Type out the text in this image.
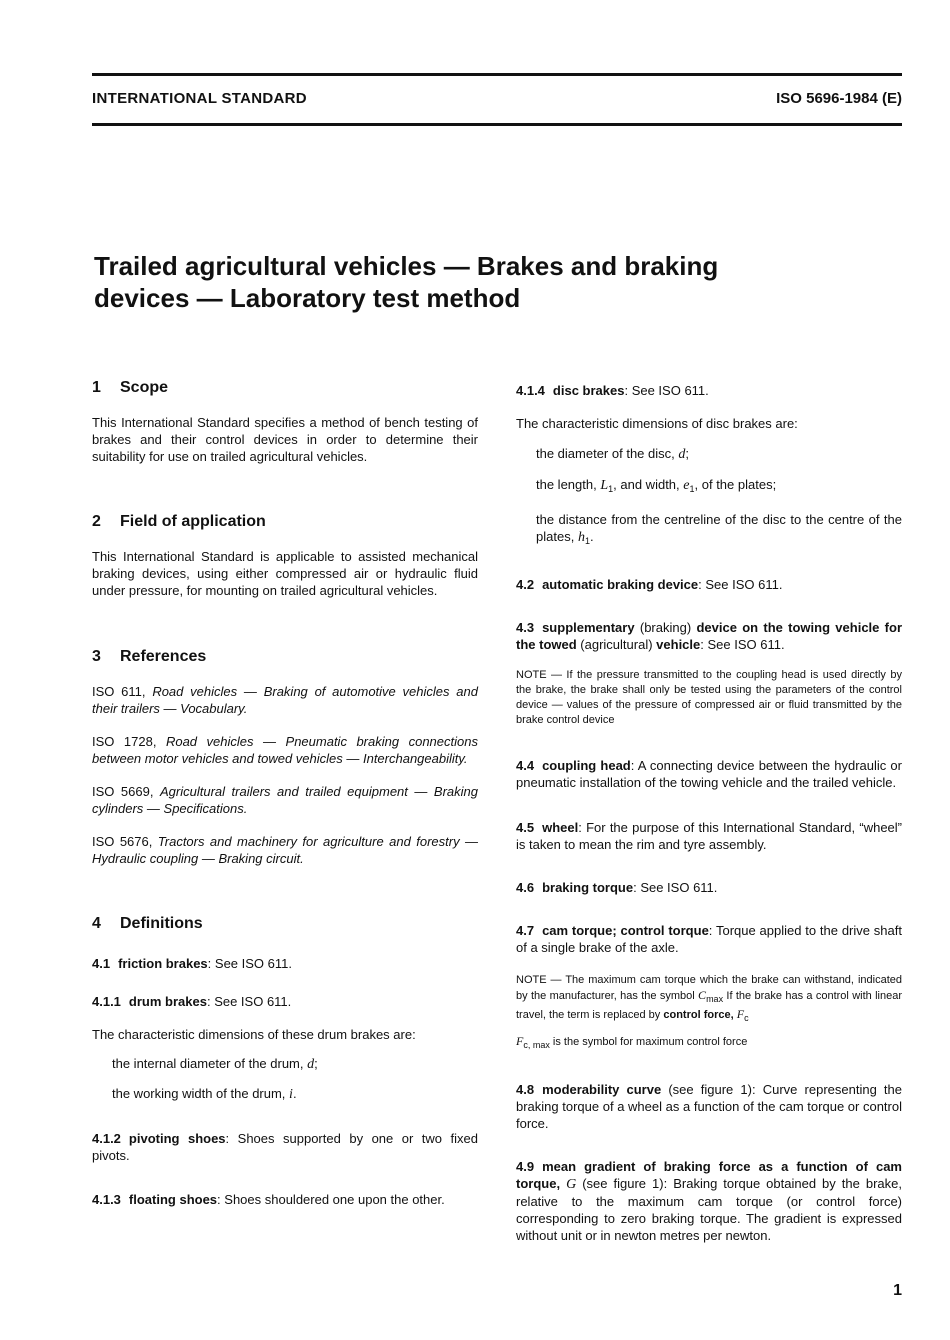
INTERNATIONAL STANDARD	ISO 5696-1984 (E)
Trailed agricultural vehicles — Brakes and braking
devices — Laboratory test method
1 Scope

This International Standard specifies a method of bench testing of brakes and their control devices in order to determine their suitability for use on trailed agricultural vehicles.

2 Field of application

This International Standard is applicable to assisted mechanical braking devices, using either compressed air or hydraulic fluid under pressure, for mounting on trailed agricultural vehicles.

3 References

ISO 611, Road vehicles — Braking of automotive vehicles and their trailers — Vocabulary.

ISO 1728, Road vehicles — Pneumatic braking connections between motor vehicles and towed vehicles — Interchangeability.

ISO 5669, Agricultural trailers and trailed equipment — Braking cylinders — Specifications.

ISO 5676, Tractors and machinery for agriculture and forestry — Hydraulic coupling — Braking circuit.

4 Definitions

4.1 friction brakes: See ISO 611.

4.1.1 drum brakes: See ISO 611.

The characteristic dimensions of these drum brakes are:

the internal diameter of the drum, d;

the working width of the drum, i.

4.1.2 pivoting shoes: Shoes supported by one or two fixed pivots.

4.1.3 floating shoes: Shoes shouldered one upon the other.

4.1.4 disc brakes: See ISO 611.

The characteristic dimensions of disc brakes are:

the diameter of the disc, d;

the length, $L_1$, and width, $e_1$, of the plates;

the distance from the centreline of the disc to the centre of the plates, $h_1$.

4.2 automatic braking device: See ISO 611.

4.3 supplementary (braking) device on the towing vehicle for the towed (agricultural) vehicle: See ISO 611.

NOTE — If the pressure transmitted to the coupling head is used directly by the brake, the brake shall only be tested using the parameters of the control device — values of the pressure of compressed air or fluid transmitted by the brake control device

4.4 coupling head: A connecting device between the hydraulic or pneumatic installation of the towing vehicle and the trailed vehicle.

4.5 wheel: For the purpose of this International Standard, “wheel” is taken to mean the rim and tyre assembly.

4.6 braking torque: See ISO 611.

4.7 cam torque; control torque: Torque applied to the drive shaft of a single brake of the axle.

NOTE — The maximum cam torque which the brake can withstand, indicated by the manufacturer, has the symbol $C_{max}$ If the brake has a control with linear travel, the term is replaced by control force, $F_c$

$F_{c, max}$ is the symbol for maximum control force

4.8 moderability curve (see figure 1): Curve representing the braking torque of a wheel as a function of the cam torque or control force.

4.9 mean gradient of braking force as a function of cam torque, G (see figure 1): Braking torque obtained by the brake, relative to the maximum cam torque (or control force) corresponding to zero braking torque. The gradient is expressed without unit or in newton metres per newton.

1
